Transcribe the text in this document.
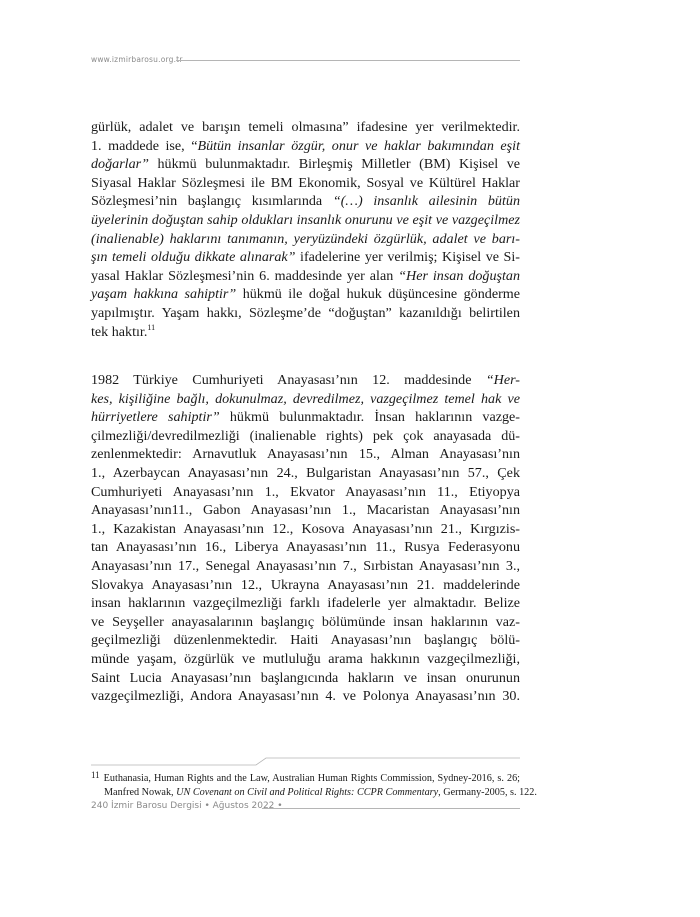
www.izmirbarosu.org.tr
gürlük, adalet ve barışın temeli olmasına” ifadesine yer verilmektedir.
1. maddede ise, “Bütün insanlar özgür, onur ve haklar bakımından eşit
doğarlar” hükmü bulunmaktadır. Birleşmiş Milletler (BM) Kişisel ve
Siyasal Haklar Sözleşmesi ile BM Ekonomik, Sosyal ve Kültürel Haklar
Sözleşmesi’nin başlangıç kısımlarında “(…) insanlık ailesinin bütün
üyelerinin doğuştan sahip oldukları insanlık onurunu ve eşit ve vazgeçilmez
(inalienable) haklarını tanımanın, yeryüzündeki özgürlük, adalet ve barı-
şın temeli olduğu dikkate alınarak” ifadelerine yer verilmiş; Kişisel ve Si-
yasal Haklar Sözleşmesi’nin 6. maddesinde yer alan “Her insan doğuştan
yaşam hakkına sahiptir” hükmü ile doğal hukuk düşüncesine gönderme
yapılmıştır. Yaşam hakkı, Sözleşme’de “doğuştan” kazanıldığı belirtilen
tek haktır.$^{11}$
1982 Türkiye Cumhuriyeti Anayasası’nın 12. maddesinde “Her-
kes, kişiliğine bağlı, dokunulmaz, devredilmez, vazgeçilmez temel hak ve
hürriyetlere sahiptir” hükmü bulunmaktadır. İnsan haklarının vazge-
çilmezliği/devredilmezliği (inalienable rights) pek çok anayasada dü-
zenlenmektedir: Arnavutluk Anayasası’nın 15., Alman Anayasası’nın
1., Azerbaycan Anayasası’nın 24., Bulgaristan Anayasası’nın 57., Çek
Cumhuriyeti Anayasası’nın 1., Ekvator Anayasası’nın 11., Etiyopya
Anayasası’nın11., Gabon Anayasası’nın 1., Macaristan Anayasası’nın
1., Kazakistan Anayasası’nın 12., Kosova Anayasası’nın 21., Kırgızis-
tan Anayasası’nın 16., Liberya Anayasası’nın 11., Rusya Federasyonu
Anayasası’nın 17., Senegal Anayasası’nın 7., Sırbistan Anayasası’nın 3.,
Slovakya Anayasası’nın 12., Ukrayna Anayasası’nın 21. maddelerinde
insan haklarının vazgeçilmezliği farklı ifadelerle yer almaktadır. Belize
ve Seyşeller anayasalarının başlangıç bölümünde insan haklarının vaz-
geçilmezliği düzenlenmektedir. Haiti Anayasası’nın başlangıç bölü-
münde yaşam, özgürlük ve mutluluğu arama hakkının vazgeçilmezliği,
Saint Lucia Anayasası’nın başlangıcında hakların ve insan onurunun
vazgeçilmezliği, Andora Anayasası’nın 4. ve Polonya Anayasası’nın 30.
11 Euthanasia, Human Rights and the Law, Australian Human Rights Commission, Sydney-2016, s. 26;
Manfred Nowak, UN Covenant on Civil and Political Rights: CCPR Commentary, Germany-2005, s. 122.
240 İzmir Barosu Dergisi • Ağustos 2022 •
